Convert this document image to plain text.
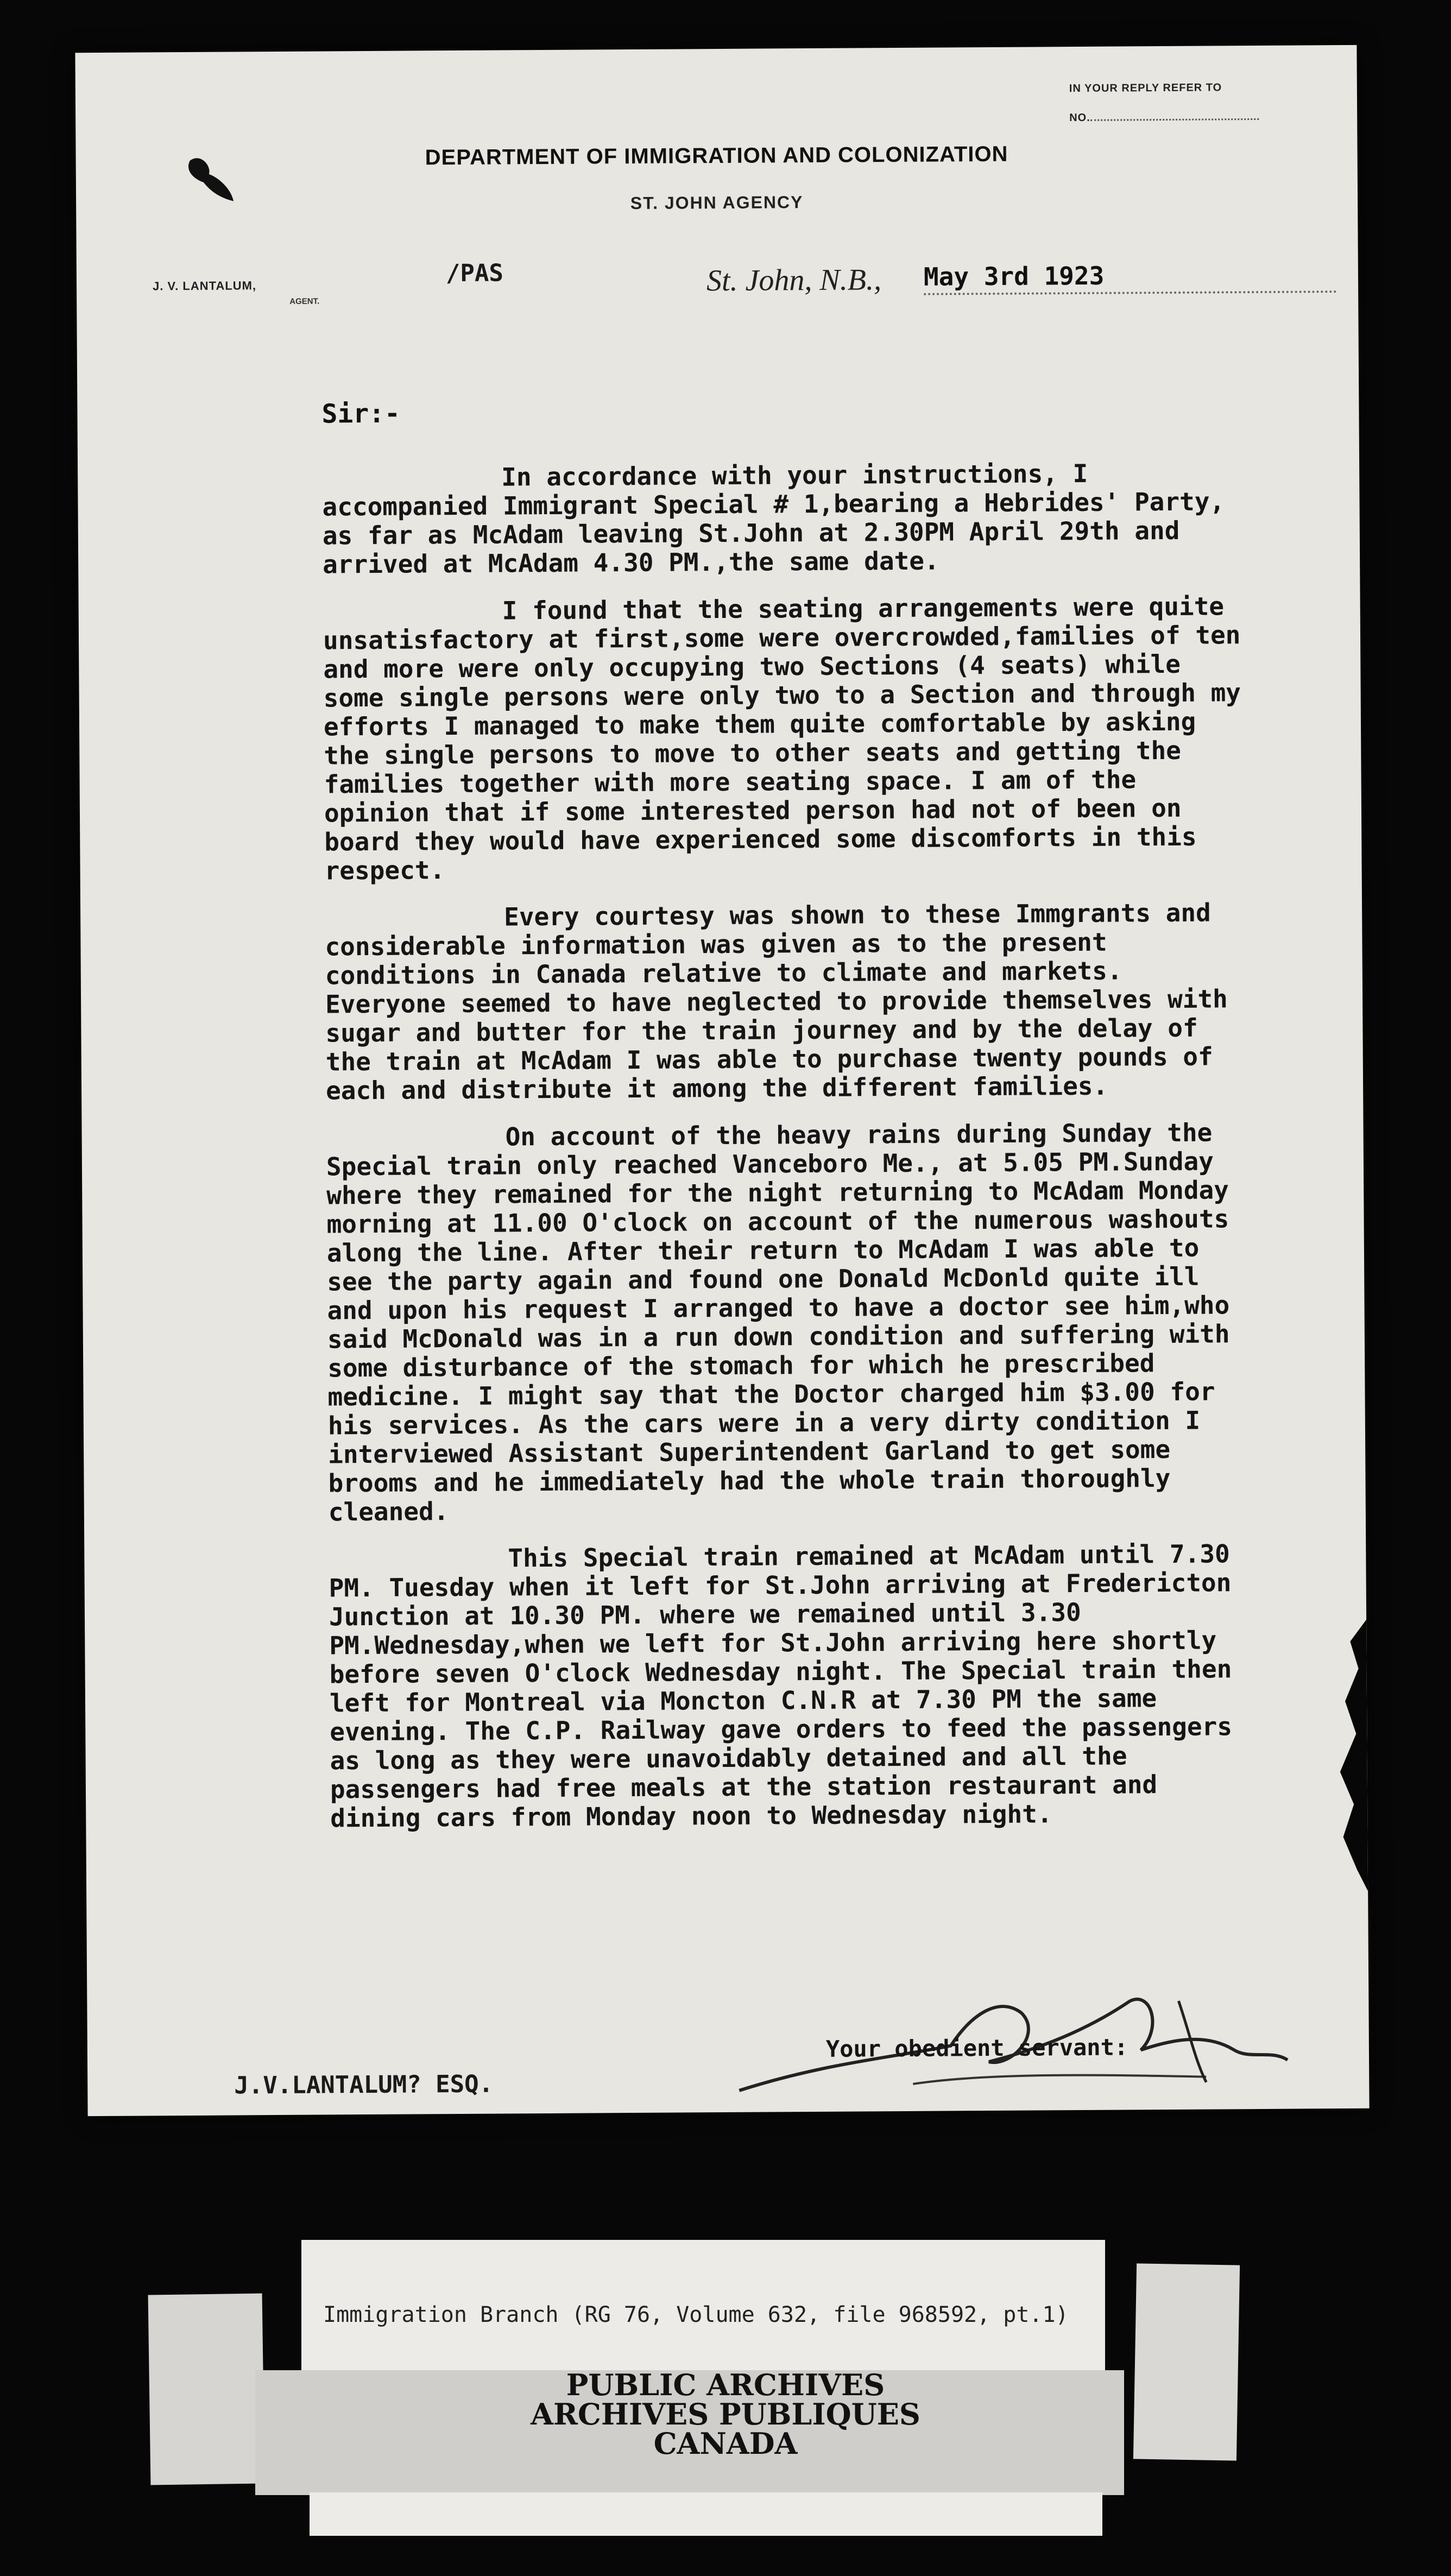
IN YOUR REPLY REFER TO
NO.
DEPARTMENT OF IMMIGRATION AND COLONIZATION
ST. JOHN AGENCY
J. V. LANTALUM,
AGENT.
/PAS	St. John, N.B., May 3rd 1923
Sir:-

In accordance with your instructions, I accompanied Immigrant Special # 1,bearing a Hebrides' Party, as far as McAdam leaving St.John at 2.30PM April 29th and arrived at McAdam 4.30 PM.,the same date.

I found that the seating arrangements were quite unsatisfactory at first,some were overcrowded,families of ten and more were only occupying two Sections (4 seats) while some single persons were only two to a Section and through my efforts I managed to make them quite comfortable by asking the single persons to move to other seats and getting the families together with more seating space. I am of the opinion that if some interested person had not of been on board they would have experienced some discomforts in this respect.

Every courtesy was shown to these Immgrants and considerable information was given as to the present conditions in Canada relative to climate and markets. Everyone seemed to have neglected to provide themselves with sugar and butter for the train journey and by the delay of the train at McAdam I was able to purchase twenty pounds of each and distribute it among the different families.

On account of the heavy rains during Sunday the Special train only reached Vanceboro Me., at 5.05 PM.Sunday where they remained for the night returning to McAdam Monday morning at 11.00 O'clock on account of the numerous washouts along the line. After their return to McAdam I was able to see the party again and found one Donald McDonld quite ill and upon his request I arranged to have a doctor see him,who said McDonald was in a run down condition and suffering with some disturbance of the stomach for which he prescribed medicine. I might say that the Doctor charged him $3.00 for his services. As the cars were in a very dirty condition I interviewed Assistant Superintendent Garland to get some brooms and he immediately had the whole train thoroughly cleaned.

This Special train remained at McAdam until 7.30 PM. Tuesday when it left for St.John arriving at Fredericton Junction at 10.30 PM. where we remained until 3.30 PM.Wednesday,when we left for St.John arriving here shortly before seven O'clock Wednesday night. The Special train then left for Montreal via Moncton C.N.R at 7.30 PM the same evening. The C.P. Railway gave orders to feed the passengers as long as they were unavoidably detained and all the passengers had free meals at the station restaurant and dining cars from Monday noon to Wednesday night.

Your obedient servant:
J.V.LANTALUM? ESQ.
Immigration Branch (RG 76, Volume 632, file 968592, pt.1)
PUBLIC ARCHIVES
ARCHIVES PUBLIQUES
CANADA
